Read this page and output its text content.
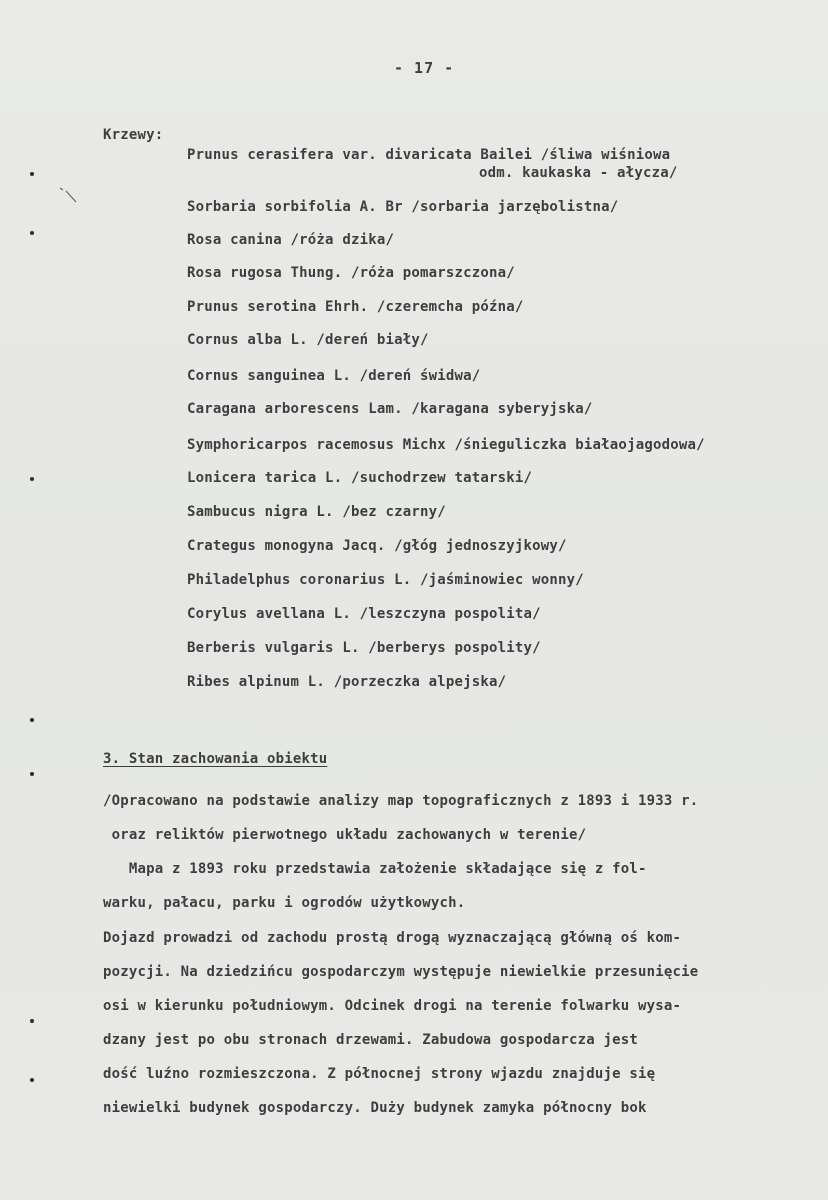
- 17 -
Krzewy:
Prunus cerasifera var. divaricata Bailei /śliwa wiśniowa
odm. kaukaska - ałycza/
Sorbaria sorbifolia A. Br /sorbaria jarzębolistna/
Rosa canina /róża dzika/
Rosa rugosa Thung. /róża pomarszczona/
Prunus serotina Ehrh. /czeremcha późna/
Cornus alba L. /dereń biały/
Cornus sanguinea L. /dereń świdwa/
Caragana arborescens Lam. /karagana syberyjska/
Symphoricarpos racemosus Michx /śnieguliczka białaojagodowa/
Lonicera tarica L. /suchodrzew tatarski/
Sambucus nigra L. /bez czarny/
Crategus monogyna Jacq. /głóg jednoszyjkowy/
Philadelphus coronarius L. /jaśminowiec wonny/
Corylus avellana L. /leszczyna pospolita/
Berberis vulgaris L. /berberys pospolity/
Ribes alpinum L. /porzeczka alpejska/
3. Stan zachowania obiektu
/Opracowano na podstawie analizy map topograficznych z 1893 i 1933 r.
oraz reliktów pierwotnego układu zachowanych w terenie/
Mapa z 1893 roku przedstawia założenie składające się z fol-
warku, pałacu, parku i ogrodów użytkowych.
Dojazd prowadzi od zachodu prostą drogą wyznaczającą główną oś kom-
pozycji. Na dziedzińcu gospodarczym występuje niewielkie przesunięcie
osi w kierunku południowym. Odcinek drogi na terenie folwarku wysa-
dzany jest po obu stronach drzewami. Zabudowa gospodarcza jest
dość luźno rozmieszczona. Z północnej strony wjazdu znajduje się
niewielki budynek gospodarczy. Duży budynek zamyka północny bok
